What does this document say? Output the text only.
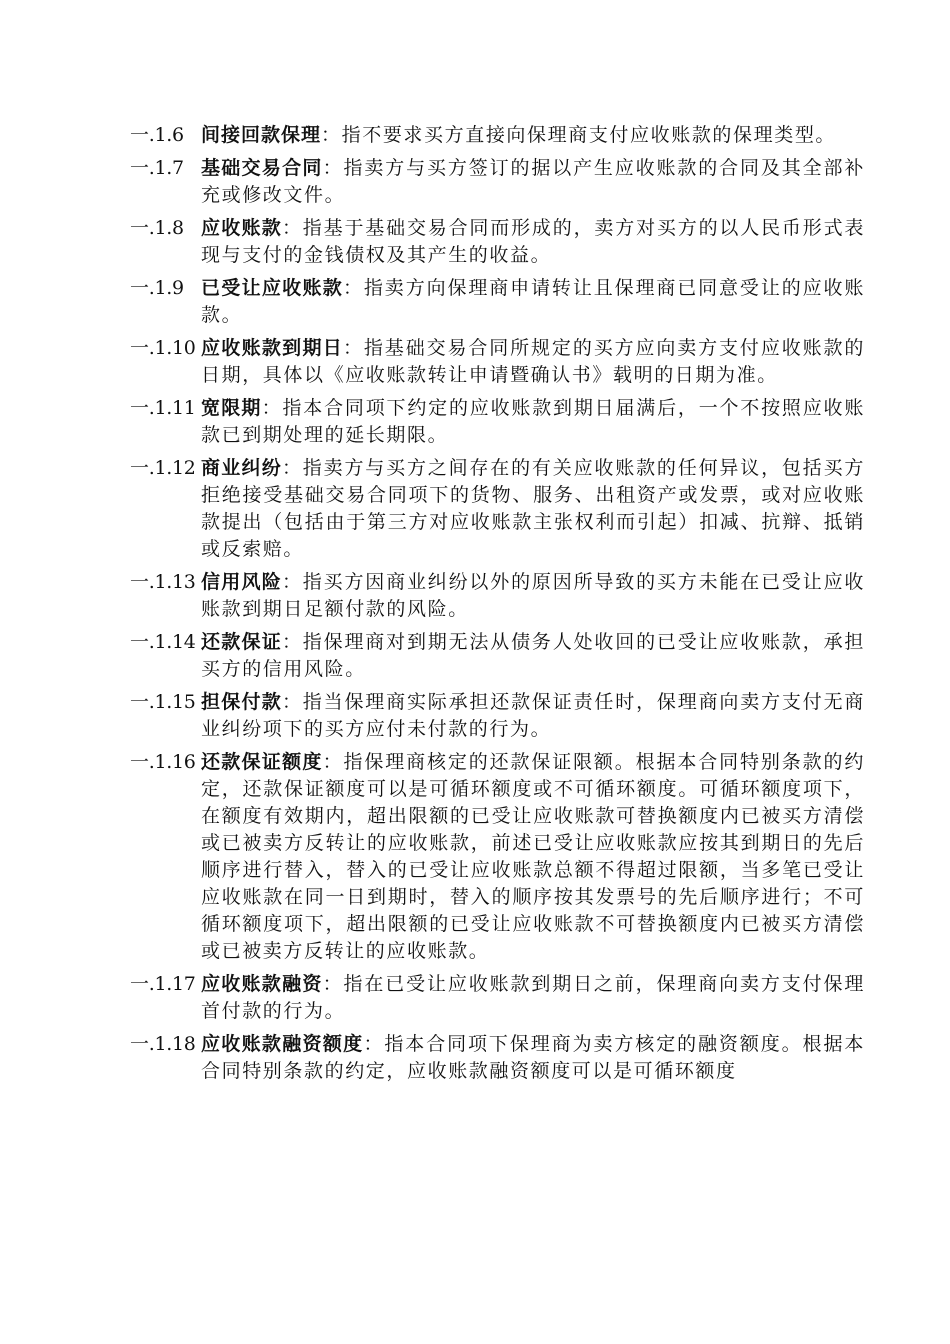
一.1.6 间接回款保理：指不要求买方直接向保理商支付应收账款的保理类型。
一.1.7 基础交易合同：指卖方与买方签订的据以产生应收账款的合同及其全部补充或修改文件。
一.1.8 应收账款：指基于基础交易合同而形成的，卖方对买方的以人民币形式表现与支付的金钱债权及其产生的收益。
一.1.9 已受让应收账款：指卖方向保理商申请转让且保理商已同意受让的应收账款。
一.1.10 应收账款到期日：指基础交易合同所规定的买方应向卖方支付应收账款的日期，具体以《应收账款转让申请暨确认书》载明的日期为准。
一.1.11 宽限期：指本合同项下约定的应收账款到期日届满后，一个不按照应收账款已到期处理的延长期限。
一.1.12 商业纠纷：指卖方与买方之间存在的有关应收账款的任何异议，包括买方拒绝接受基础交易合同项下的货物、服务、出租资产或发票，或对应收账款提出（包括由于第三方对应收账款主张权利而引起）扣减、抗辩、抵销或反索赔。
一.1.13 信用风险：指买方因商业纠纷以外的原因所导致的买方未能在已受让应收账款到期日足额付款的风险。
一.1.14 还款保证：指保理商对到期无法从债务人处收回的已受让应收账款，承担买方的信用风险。
一.1.15 担保付款：指当保理商实际承担还款保证责任时，保理商向卖方支付无商业纠纷项下的买方应付未付款的行为。
一.1.16 还款保证额度：指保理商核定的还款保证限额。根据本合同特别条款的约定，还款保证额度可以是可循环额度或不可循环额度。可循环额度项下，在额度有效期内，超出限额的已受让应收账款可替换额度内已被买方清偿或已被卖方反转让的应收账款，前述已受让应收账款应按其到期日的先后顺序进行替入，替入的已受让应收账款总额不得超过限额，当多笔已受让应收账款在同一日到期时，替入的顺序按其发票号的先后顺序进行；不可循环额度项下，超出限额的已受让应收账款不可替换额度内已被买方清偿或已被卖方反转让的应收账款。
一.1.17 应收账款融资：指在已受让应收账款到期日之前，保理商向卖方支付保理首付款的行为。
一.1.18 应收账款融资额度：指本合同项下保理商为卖方核定的融资额度。根据本合同特别条款的约定，应收账款融资额度可以是可循环额度
